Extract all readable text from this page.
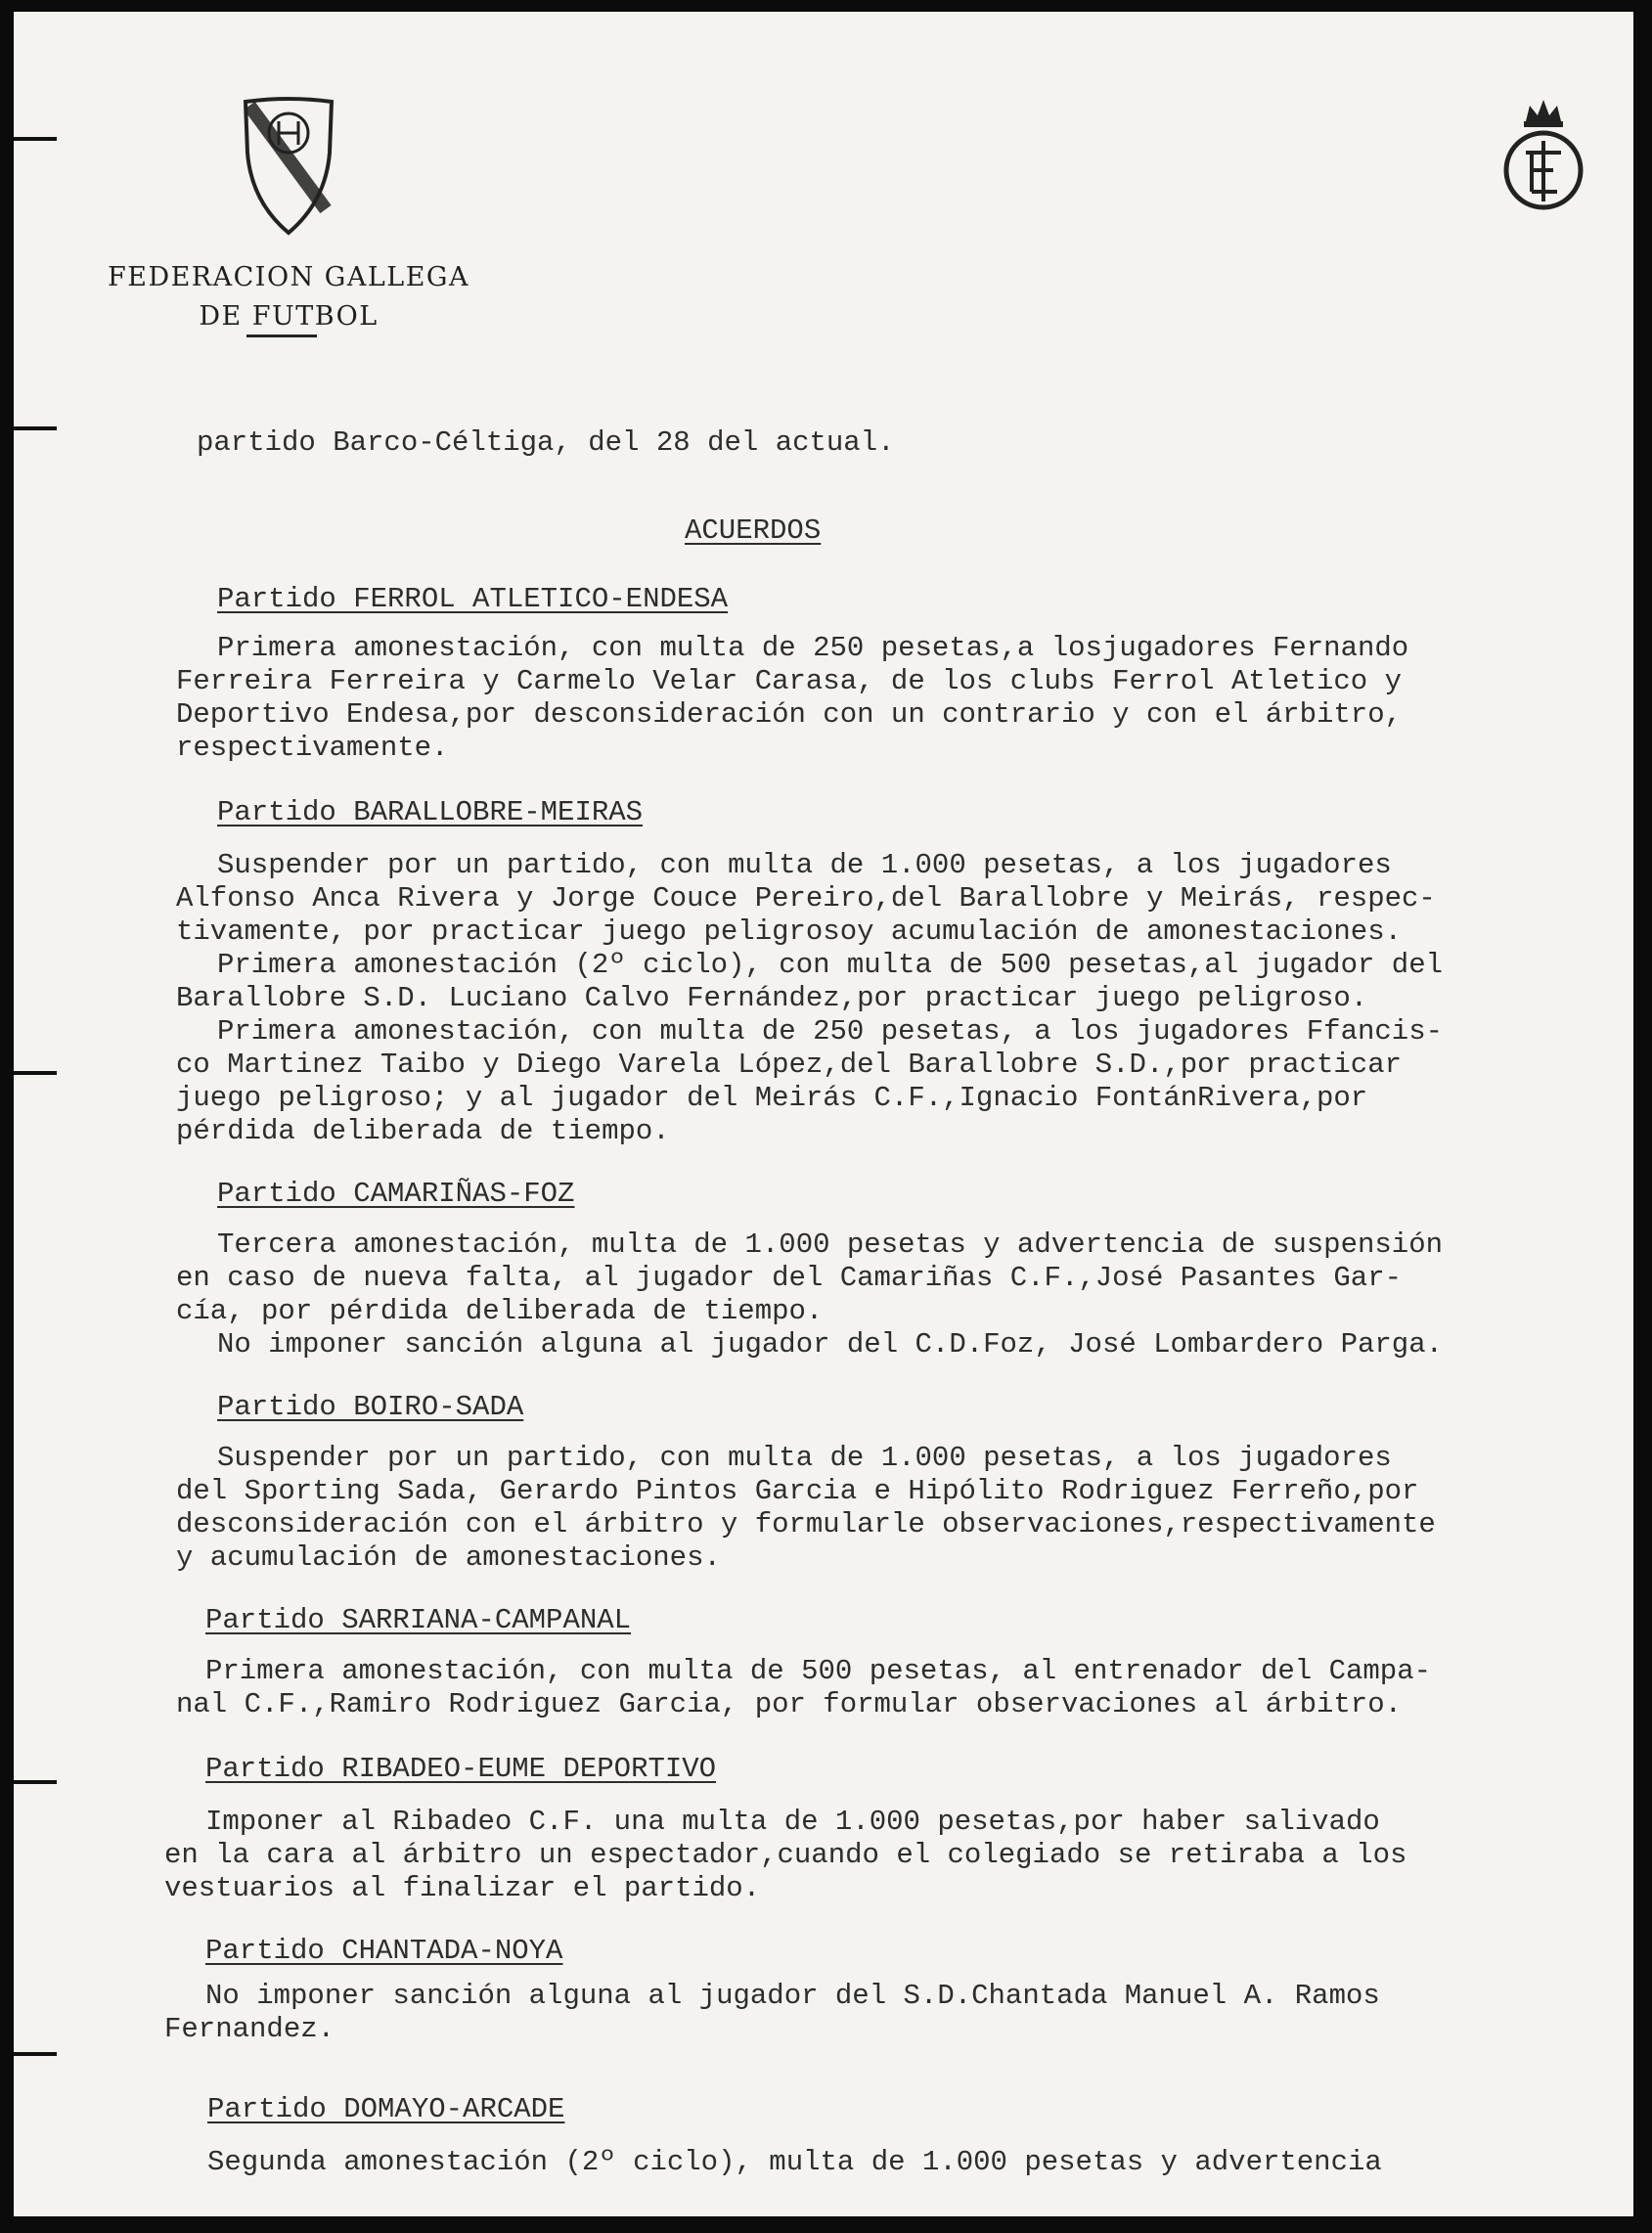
FEDERACION GALLEGA
DE FUTBOL
partido Barco-Céltiga, del 28 del actual.
ACUERDOS
Partido FERROL ATLETICO-ENDESA
Primera amonestación, con multa de 250 pesetas,a losjugadores Fernando
Ferreira Ferreira y Carmelo Velar Carasa, de los clubs Ferrol Atletico y
Deportivo Endesa,por desconsideración con un contrario y con el árbitro,
respectivamente.
Partido BARALLOBRE-MEIRAS
Suspender por un partido, con multa de 1.000 pesetas, a los jugadores
Alfonso Anca Rivera y Jorge Couce Pereiro,del Barallobre y Meirás, respec-
tivamente, por practicar juego peligrosoy acumulación de amonestaciones.
Primera amonestación (2º ciclo), con multa de 500 pesetas,al jugador del
Barallobre S.D. Luciano Calvo Fernández,por practicar juego peligroso.
Primera amonestación, con multa de 250 pesetas, a los jugadores Ffancis-
co Martinez Taibo y Diego Varela López,del Barallobre S.D.,por practicar
juego peligroso; y al jugador del Meirás C.F.,Ignacio FontánRivera,por
pérdida deliberada de tiempo.
Partido CAMARIÑAS-FOZ
Tercera amonestación, multa de 1.000 pesetas y advertencia de suspensión
en caso de nueva falta, al jugador del Camariñas C.F.,José Pasantes Gar-
cía, por pérdida deliberada de tiempo.
No imponer sanción alguna al jugador del C.D.Foz, José Lombardero Parga.
Partido BOIRO-SADA
Suspender por un partido, con multa de 1.000 pesetas, a los jugadores
del Sporting Sada, Gerardo Pintos Garcia e Hipólito Rodriguez Ferreño,por
desconsideración con el árbitro y formularle observaciones,respectivamente
y acumulación de amonestaciones.
Partido SARRIANA-CAMPANAL
Primera amonestación, con multa de 500 pesetas, al entrenador del Campa-
nal C.F.,Ramiro Rodriguez Garcia, por formular observaciones al árbitro.
Partido RIBADEO-EUME DEPORTIVO
Imponer al Ribadeo C.F. una multa de 1.000 pesetas,por haber salivado
en la cara al árbitro un espectador,cuando el colegiado se retiraba a los
vestuarios al finalizar el partido.
Partido CHANTADA-NOYA
No imponer sanción alguna al jugador del S.D.Chantada Manuel A. Ramos
Fernandez.
Partido DOMAYO-ARCADE
Segunda amonestación (2º ciclo), multa de 1.000 pesetas y advertencia
